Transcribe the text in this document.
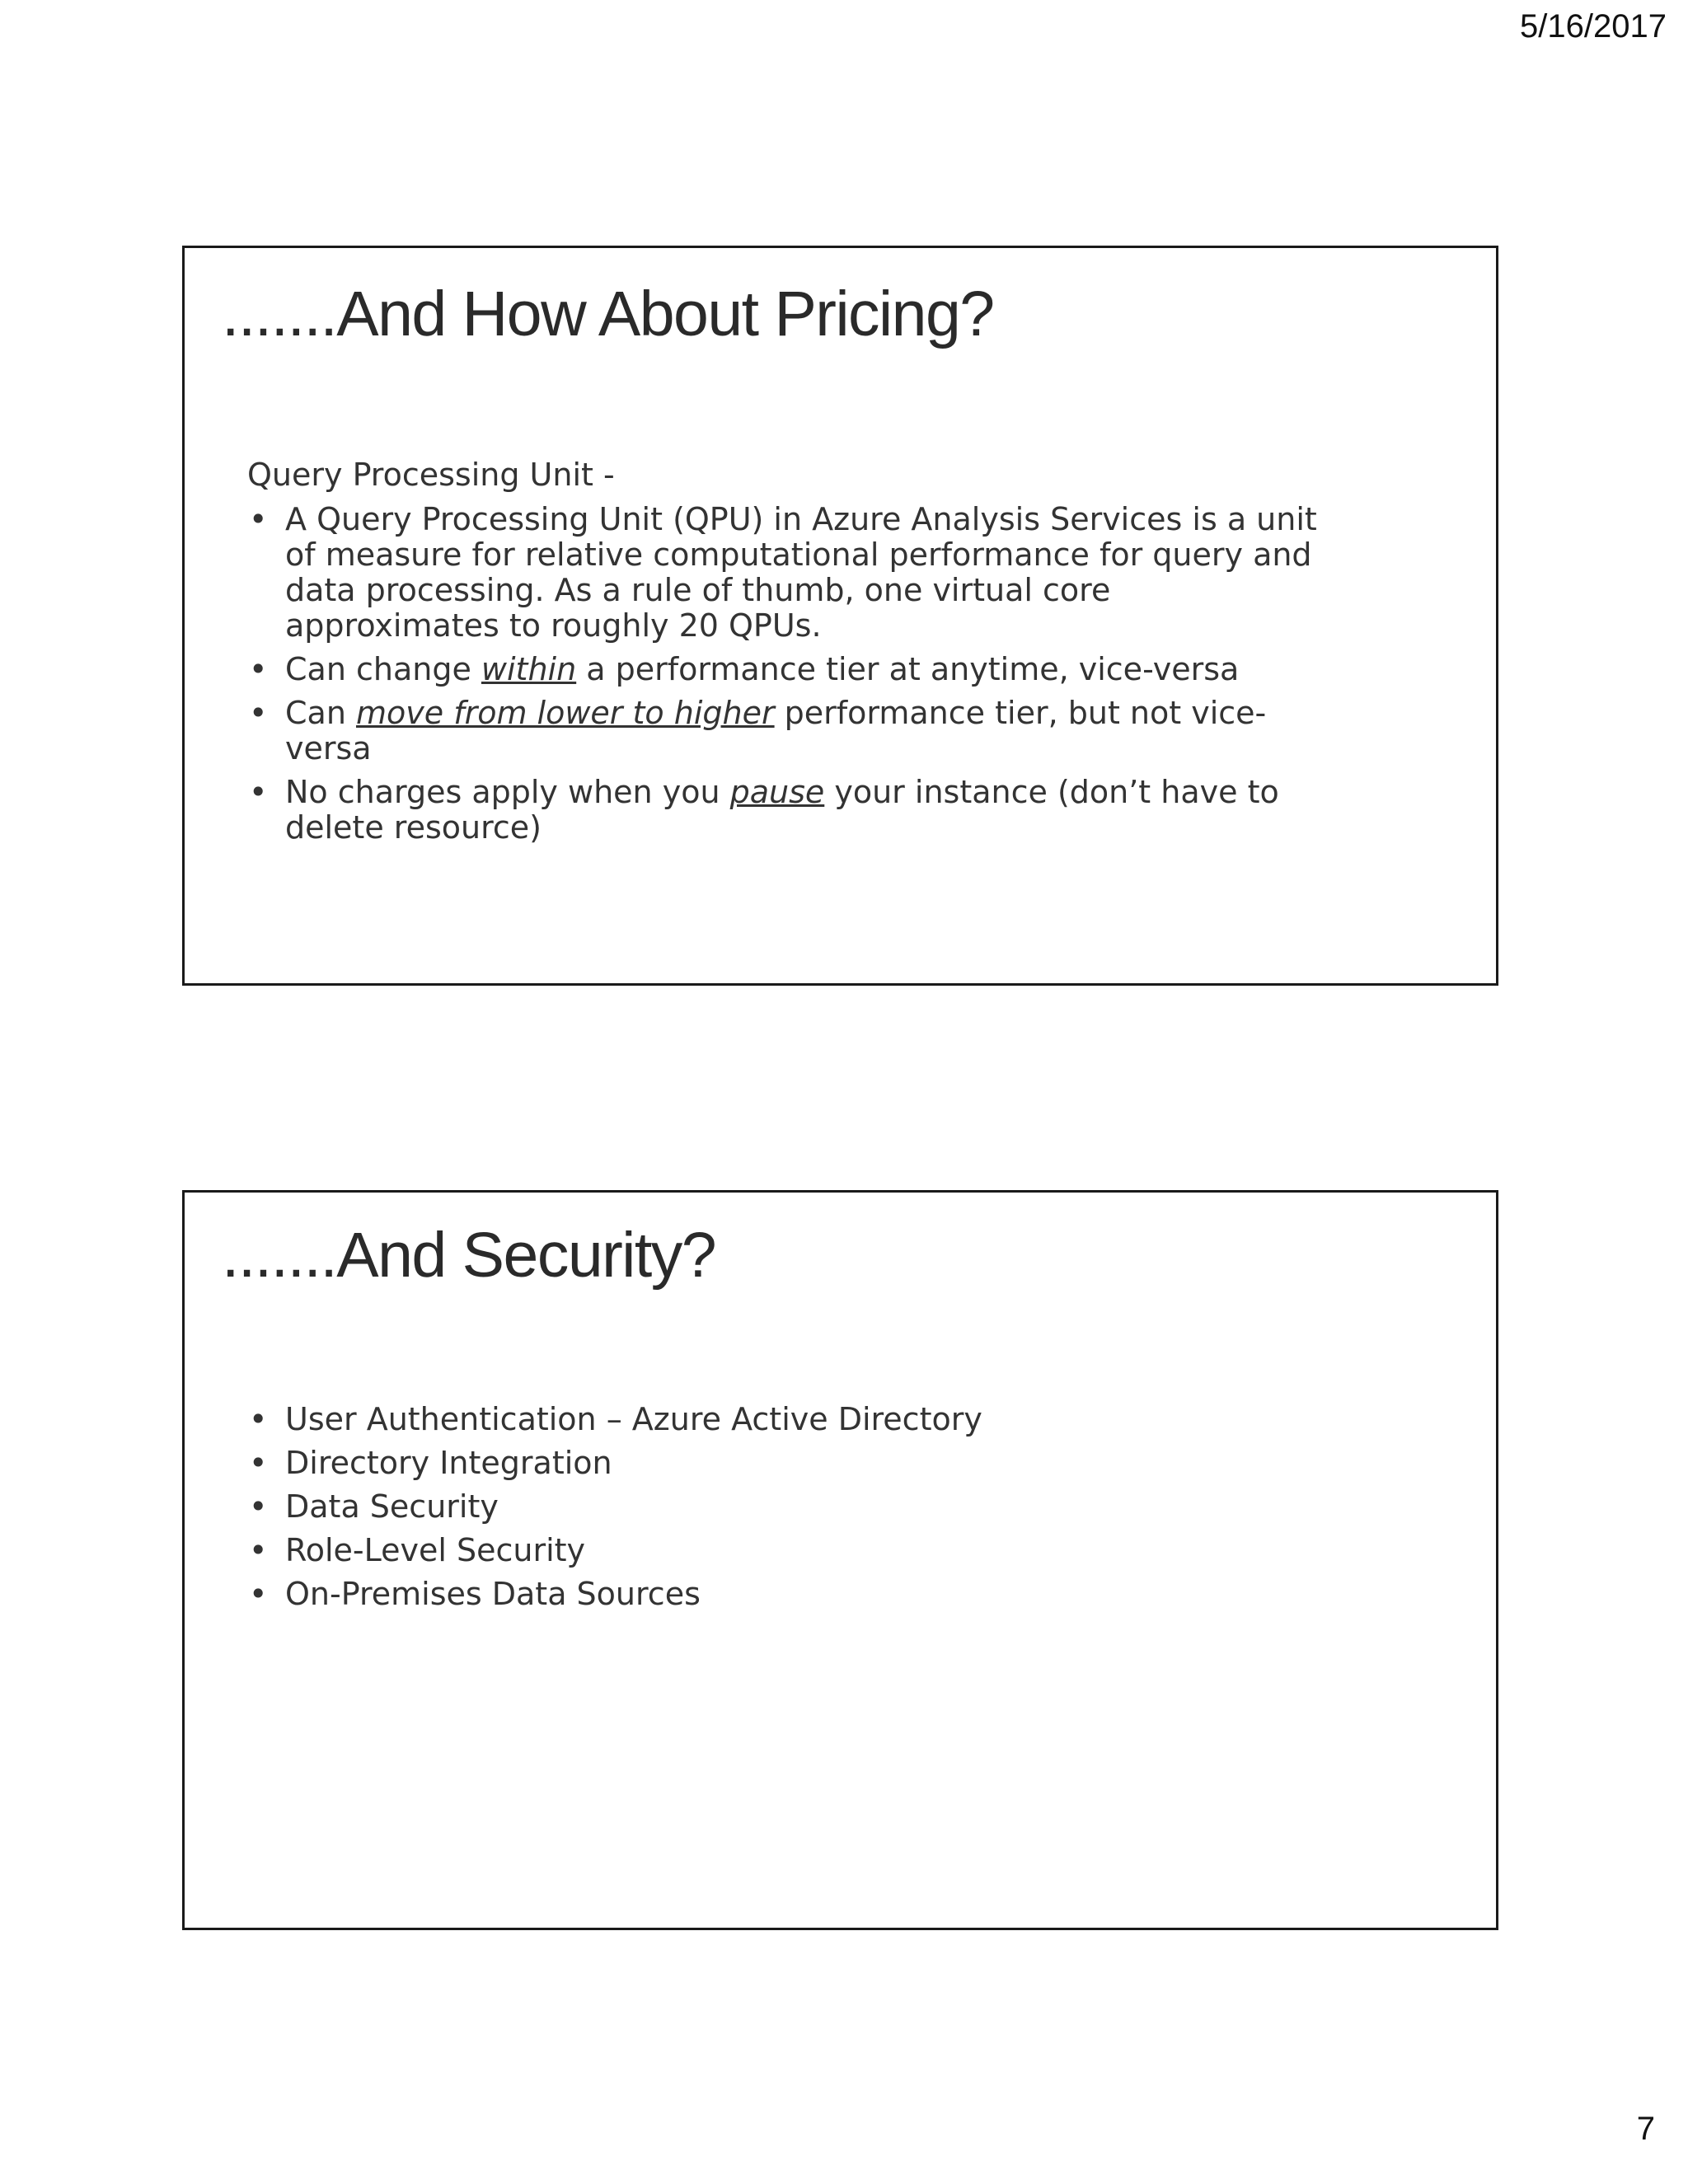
5/16/2017
.......And How About Pricing?

Query Processing Unit -

• A Query Processing Unit (QPU) in Azure Analysis Services is a unit of measure for relative computational performance for query and data processing. As a rule of thumb, one virtual core approximates to roughly 20 QPUs.
• Can change within a performance tier at anytime, vice-versa
• Can move from lower to higher performance tier, but not vice-versa
• No charges apply when you pause your instance (don’t have to delete resource)
.......And Security?
• User Authentication – Azure Active Directory
• Directory Integration
• Data Security
• Role-Level Security
• On-Premises Data Sources
7
